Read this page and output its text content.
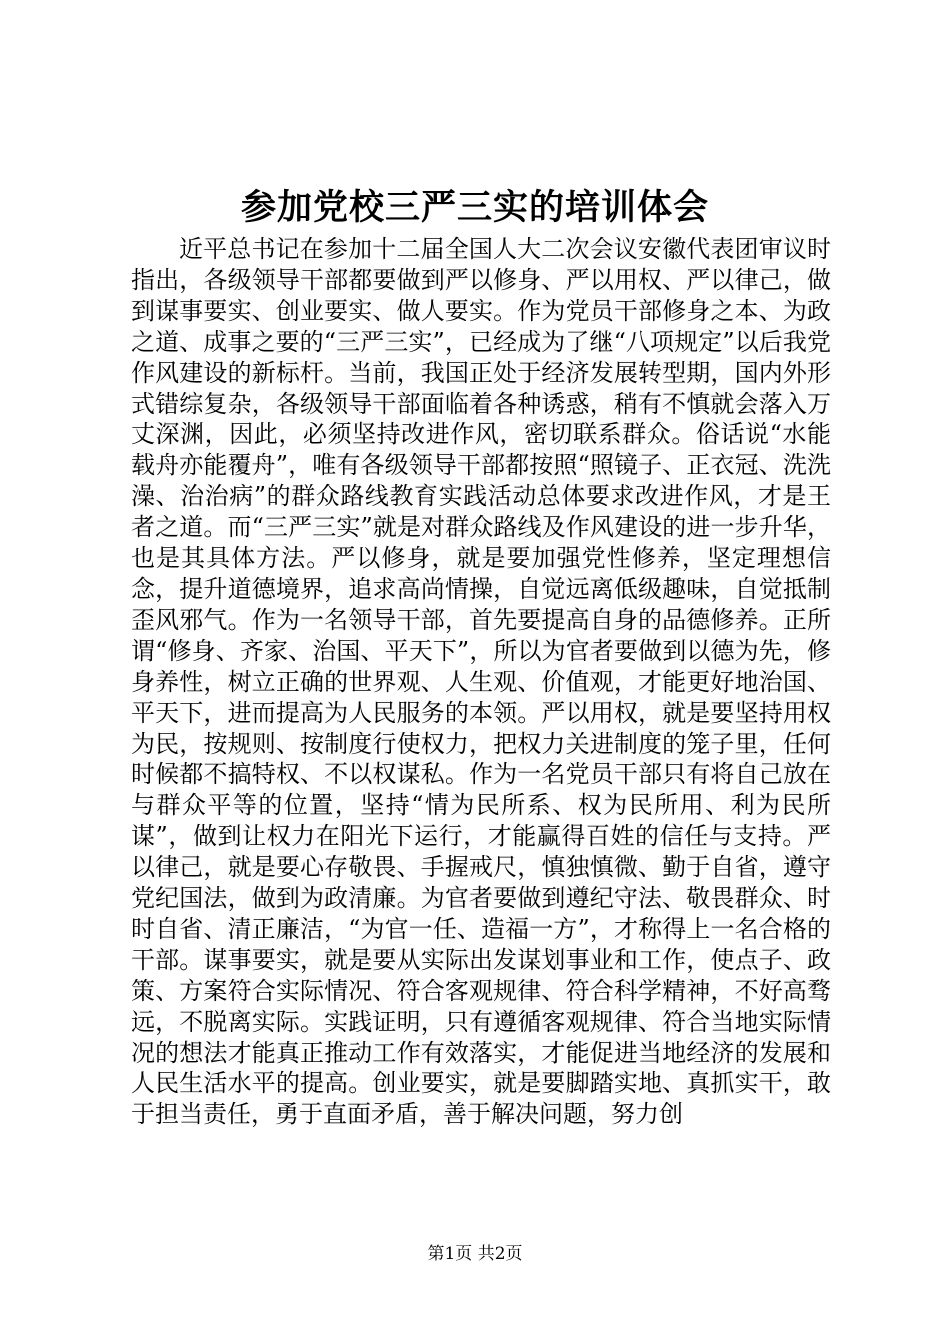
参加党校三严三实的培训体会

近平总书记在参加十二届全国人大二次会议安徽代表团审议时指出，各级领导干部都要做到严以修身、严以用权、严以律己，做到谋事要实、创业要实、做人要实。作为党员干部修身之本、为政之道、成事之要的“三严三实”，已经成为了继“八项规定”以后我党作风建设的新标杆。当前，我国正处于经济发展转型期，国内外形式错综复杂，各级领导干部面临着各种诱惑，稍有不慎就会落入万丈深渊，因此，必须坚持改进作风，密切联系群众。俗话说“水能载舟亦能覆舟”，唯有各级领导干部都按照“照镜子、正衣冠、洗洗澡、治治病”的群众路线教育实践活动总体要求改进作风，才是王者之道。而“三严三实”就是对群众路线及作风建设的进一步升华，也是其具体方法。严以修身，就是要加强党性修养，坚定理想信念，提升道德境界，追求高尚情操，自觉远离低级趣味，自觉抵制歪风邪气。作为一名领导干部，首先要提高自身的品德修养。正所谓“修身、齐家、治国、平天下”，所以为官者要做到以德为先，修身养性，树立正确的世界观、人生观、价值观，才能更好地治国、平天下，进而提高为人民服务的本领。严以用权，就是要坚持用权为民，按规则、按制度行使权力，把权力关进制度的笼子里，任何时候都不搞特权、不以权谋私。作为一名党员干部只有将自己放在与群众平等的位置，坚持“情为民所系、权为民所用、利为民所谋”，做到让权力在阳光下运行，才能赢得百姓的信任与支持。严以律己，就是要心存敬畏、手握戒尺，慎独慎微、勤于自省，遵守党纪国法，做到为政清廉。为官者要做到遵纪守法、敬畏群众、时时自省、清正廉洁，“为官一任、造福一方”，才称得上一名合格的干部。谋事要实，就是要从实际出发谋划事业和工作，使点子、政策、方案符合实际情况、符合客观规律、符合科学精神，不好高骛远，不脱离实际。实践证明，只有遵循客观规律、符合当地实际情况的想法才能真正推动工作有效落实，才能促进当地经济的发展和人民生活水平的提高。创业要实，就是要脚踏实地、真抓实干，敢于担当责任，勇于直面矛盾，善于解决问题，努力创

第1页 共2页
